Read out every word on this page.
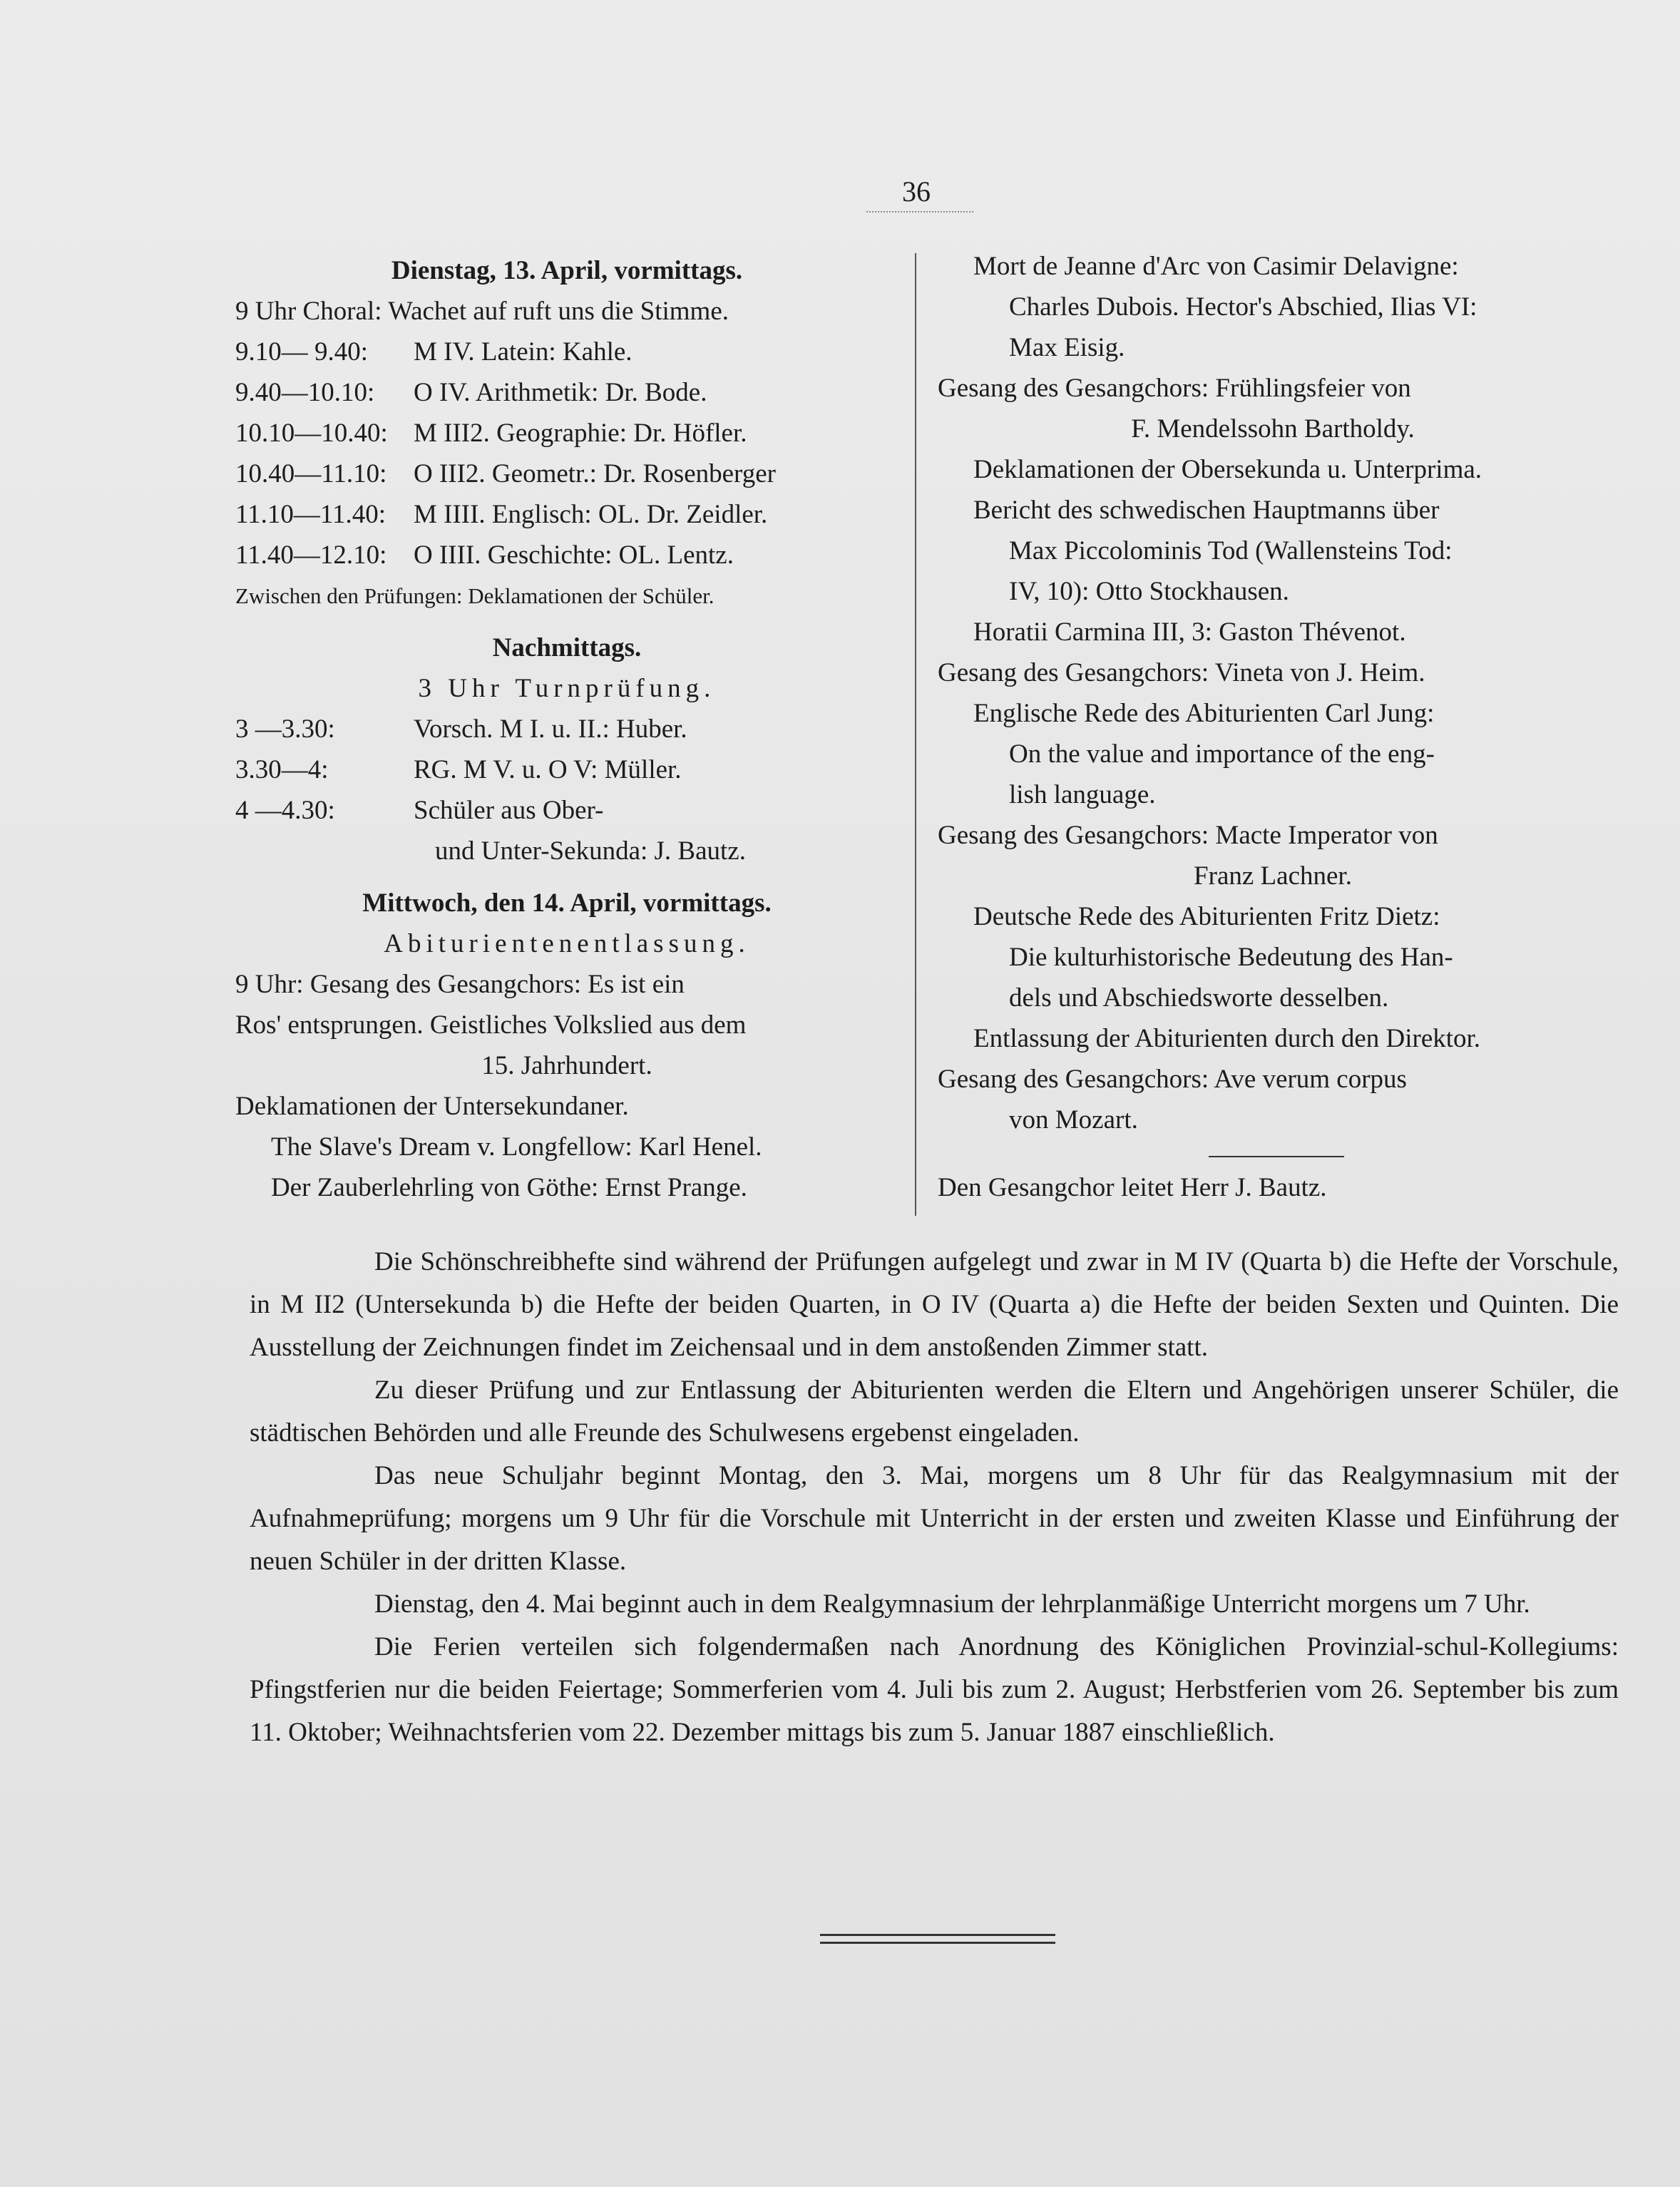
36
Dienstag, 13. April, vormittags.
9 Uhr Choral: Wachet auf ruft uns die Stimme.
9.10— 9.40:	M IV. Latein: Kahle.
9.40—10.10:	O IV. Arithmetik: Dr. Bode.
10.10—10.40: M III2. Geographie: Dr. Höfler.
10.40—11.10:	O III2. Geometr.: Dr. Rosenberger
11.10—11.40:	M IIII. Englisch: OL. Dr. Zeidler.
11.40—12.10:	O IIII. Geschichte: OL. Lentz.
Zwischen den Prüfungen: Deklamationen der Schüler.
Nachmittags.
3 Uhr Turnprüfung.
3 —3.30:	Vorsch. M I. u. II.: Huber.
3.30—4:	RG. M V. u. O V: Müller.
4 —4.30:	Schüler aus Ober-
und Unter-Sekunda: J. Bautz.
Mittwoch, den 14. April, vormittags.
Abiturientenentlassung.
9 Uhr: Gesang des Gesangchors: Es ist ein
Ros' entsprungen. Geistliches Volkslied aus dem
15. Jahrhundert.
Deklamationen der Untersekundaner.
The Slave's Dream v. Longfellow: Karl Henel.
Der Zauberlehrling von Göthe: Ernst Prange.
Mort de Jeanne d'Arc von Casimir Delavigne:
Charles Dubois. Hector's Abschied, Ilias VI:
Max Eisig.
Gesang des Gesangchors: Frühlingsfeier von
F. Mendelssohn Bartholdy.
Deklamationen der Obersekunda u. Unterprima.
Bericht des schwedischen Hauptmanns über
Max Piccolominis Tod (Wallensteins Tod:
IV, 10): Otto Stockhausen.
Horatii Carmina III, 3: Gaston Thévenot.
Gesang des Gesangchors: Vineta von J. Heim.
Englische Rede des Abiturienten Carl Jung:
On the value and importance of the eng-
lish language.
Gesang des Gesangchors: Macte Imperator von
Franz Lachner.
Deutsche Rede des Abiturienten Fritz Dietz:
Die kulturhistorische Bedeutung des Han-
dels und Abschiedsworte desselben.
Entlassung der Abiturienten durch den Direktor.
Gesang des Gesangchors: Ave verum corpus
von Mozart.
Den Gesangchor leitet Herr J. Bautz.

Die Schönschreibhefte sind während der Prüfungen aufgelegt und zwar in M IV (Quarta b) die Hefte der Vorschule, in M II2 (Untersekunda b) die Hefte der beiden Quarten, in O IV (Quarta a) die Hefte der beiden Sexten und Quinten. Die Ausstellung der Zeichnungen findet im Zeichensaal und in dem anstoßenden Zimmer statt.

Zu dieser Prüfung und zur Entlassung der Abiturienten werden die Eltern und Angehörigen unserer Schüler, die städtischen Behörden und alle Freunde des Schulwesens ergebenst eingeladen.

Das neue Schuljahr beginnt Montag, den 3. Mai, morgens um 8 Uhr für das Realgymnasium mit der Aufnahmeprüfung; morgens um 9 Uhr für die Vorschule mit Unterricht in der ersten und zweiten Klasse und Einführung der neuen Schüler in der dritten Klasse.

Dienstag, den 4. Mai beginnt auch in dem Realgymnasium der lehrplanmäßige Unterricht morgens um 7 Uhr.

Die Ferien verteilen sich folgendermaßen nach Anordnung des Königlichen Provinzial-schul-Kollegiums: Pfingstferien nur die beiden Feiertage; Sommerferien vom 4. Juli bis zum 2. August; Herbstferien vom 26. September bis zum 11. Oktober; Weihnachtsferien vom 22. Dezember mittags bis zum 5. Januar 1887 einschließlich.
